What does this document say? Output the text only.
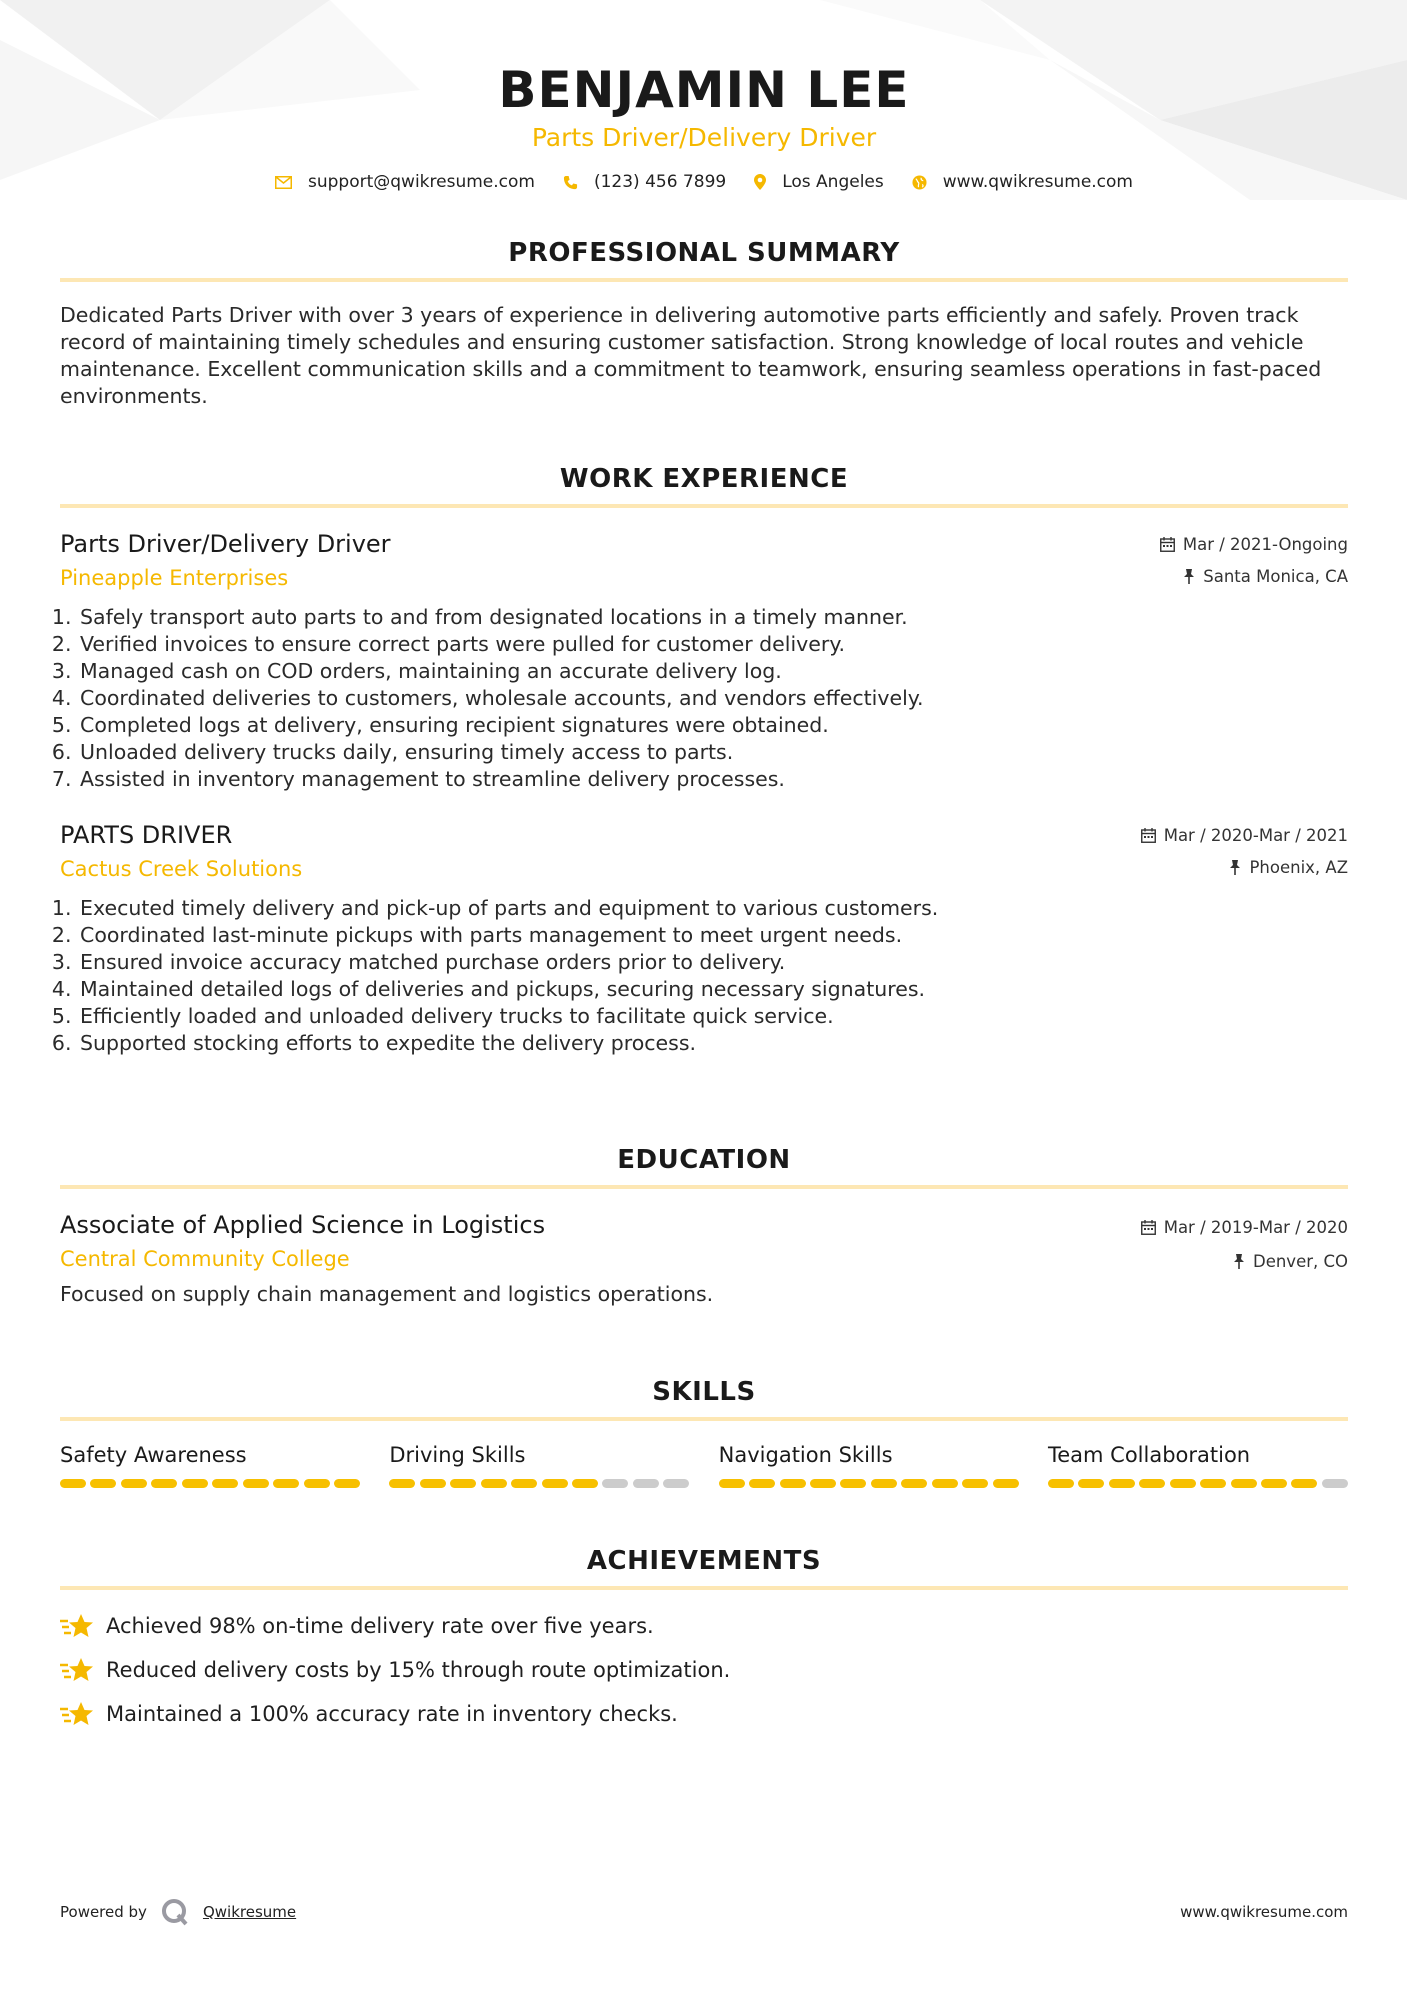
BENJAMIN LEE
Parts Driver/Delivery Driver
support@qwikresume.com	(123) 456 7899	Los Angeles	www.qwikresume.com
PROFESSIONAL SUMMARY
Dedicated Parts Driver with over 3 years of experience in delivering automotive parts efficiently and safely. Proven track record of maintaining timely schedules and ensuring customer satisfaction. Strong knowledge of local routes and vehicle maintenance. Excellent communication skills and a commitment to teamwork, ensuring seamless operations in fast-paced environments.
WORK EXPERIENCE
Mar / 2021-Ongoing
Santa Monica, CA
Parts Driver/Delivery Driver
Pineapple Enterprises
1. Safely transport auto parts to and from designated locations in a timely manner.
2. Verified invoices to ensure correct parts were pulled for customer delivery.
3. Managed cash on COD orders, maintaining an accurate delivery log.
4. Coordinated deliveries to customers, wholesale accounts, and vendors effectively.
5. Completed logs at delivery, ensuring recipient signatures were obtained.
6. Unloaded delivery trucks daily, ensuring timely access to parts.
7. Assisted in inventory management to streamline delivery processes.
Mar / 2020-Mar / 2021
Phoenix, AZ
PARTS DRIVER
Cactus Creek Solutions
1. Executed timely delivery and pick-up of parts and equipment to various customers.
2. Coordinated last-minute pickups with parts management to meet urgent needs.
3. Ensured invoice accuracy matched purchase orders prior to delivery.
4. Maintained detailed logs of deliveries and pickups, securing necessary signatures.
5. Efficiently loaded and unloaded delivery trucks to facilitate quick service.
6. Supported stocking efforts to expedite the delivery process.
EDUCATION
Mar / 2019-Mar / 2020
Denver, CO
Associate of Applied Science in Logistics
Central Community College
Focused on supply chain management and logistics operations.
SKILLS
Safety Awareness	Driving Skills	Navigation Skills	Team Collaboration
ACHIEVEMENTS
Achieved 98% on-time delivery rate over five years.
Reduced delivery costs by 15% through route optimization.
Maintained a 100% accuracy rate in inventory checks.
Powered by	Qwikresume	www.qwikresume.com
